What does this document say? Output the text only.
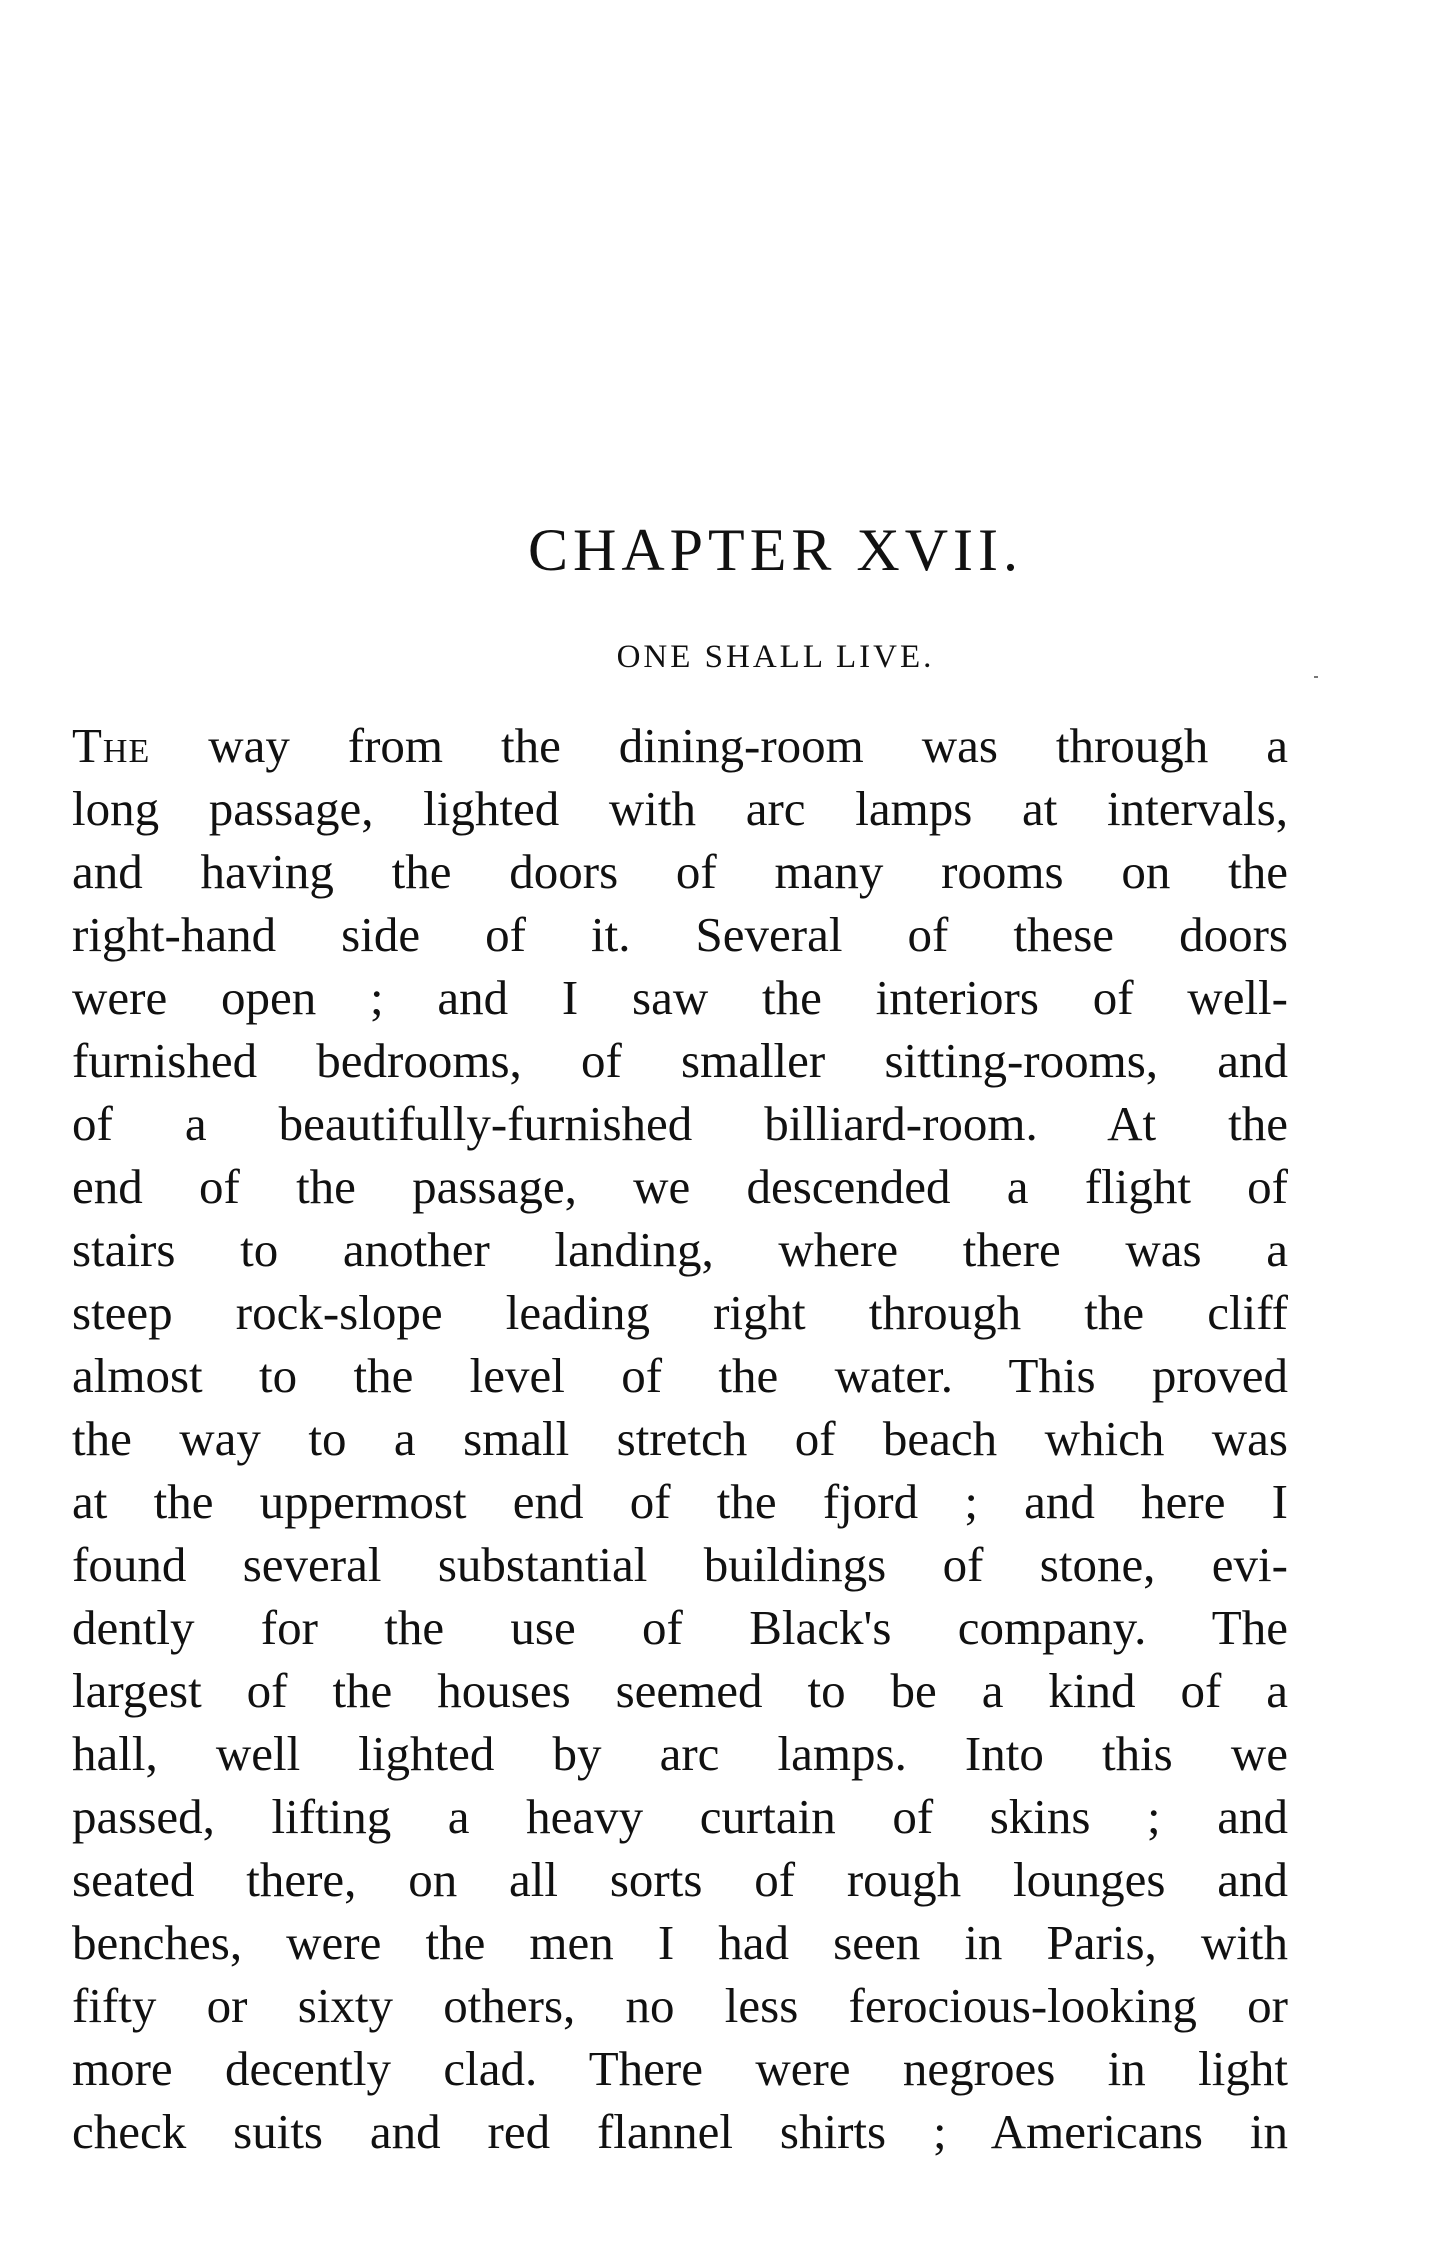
CHAPTER XVII.
ONE SHALL LIVE.
The way from the dining-room was through a
long passage, lighted with arc lamps at intervals,
and having the doors of many rooms on the
right-hand side of it. Several of these doors
were open ; and I saw the interiors of well-
furnished bedrooms, of smaller sitting-rooms, and
of a beautifully-furnished billiard-room. At the
end of the passage, we descended a flight of
stairs to another landing, where there was a
steep rock-slope leading right through the cliff
almost to the level of the water. This proved
the way to a small stretch of beach which was
at the uppermost end of the fjord ; and here I
found several substantial buildings of stone, evi-
dently for the use of Black's company. The
largest of the houses seemed to be a kind of a
hall, well lighted by arc lamps. Into this we
passed, lifting a heavy curtain of skins ; and
seated there, on all sorts of rough lounges and
benches, were the men I had seen in Paris, with
fifty or sixty others, no less ferocious-looking or
more decently clad. There were negroes in light
check suits and red flannel shirts ; Americans in
